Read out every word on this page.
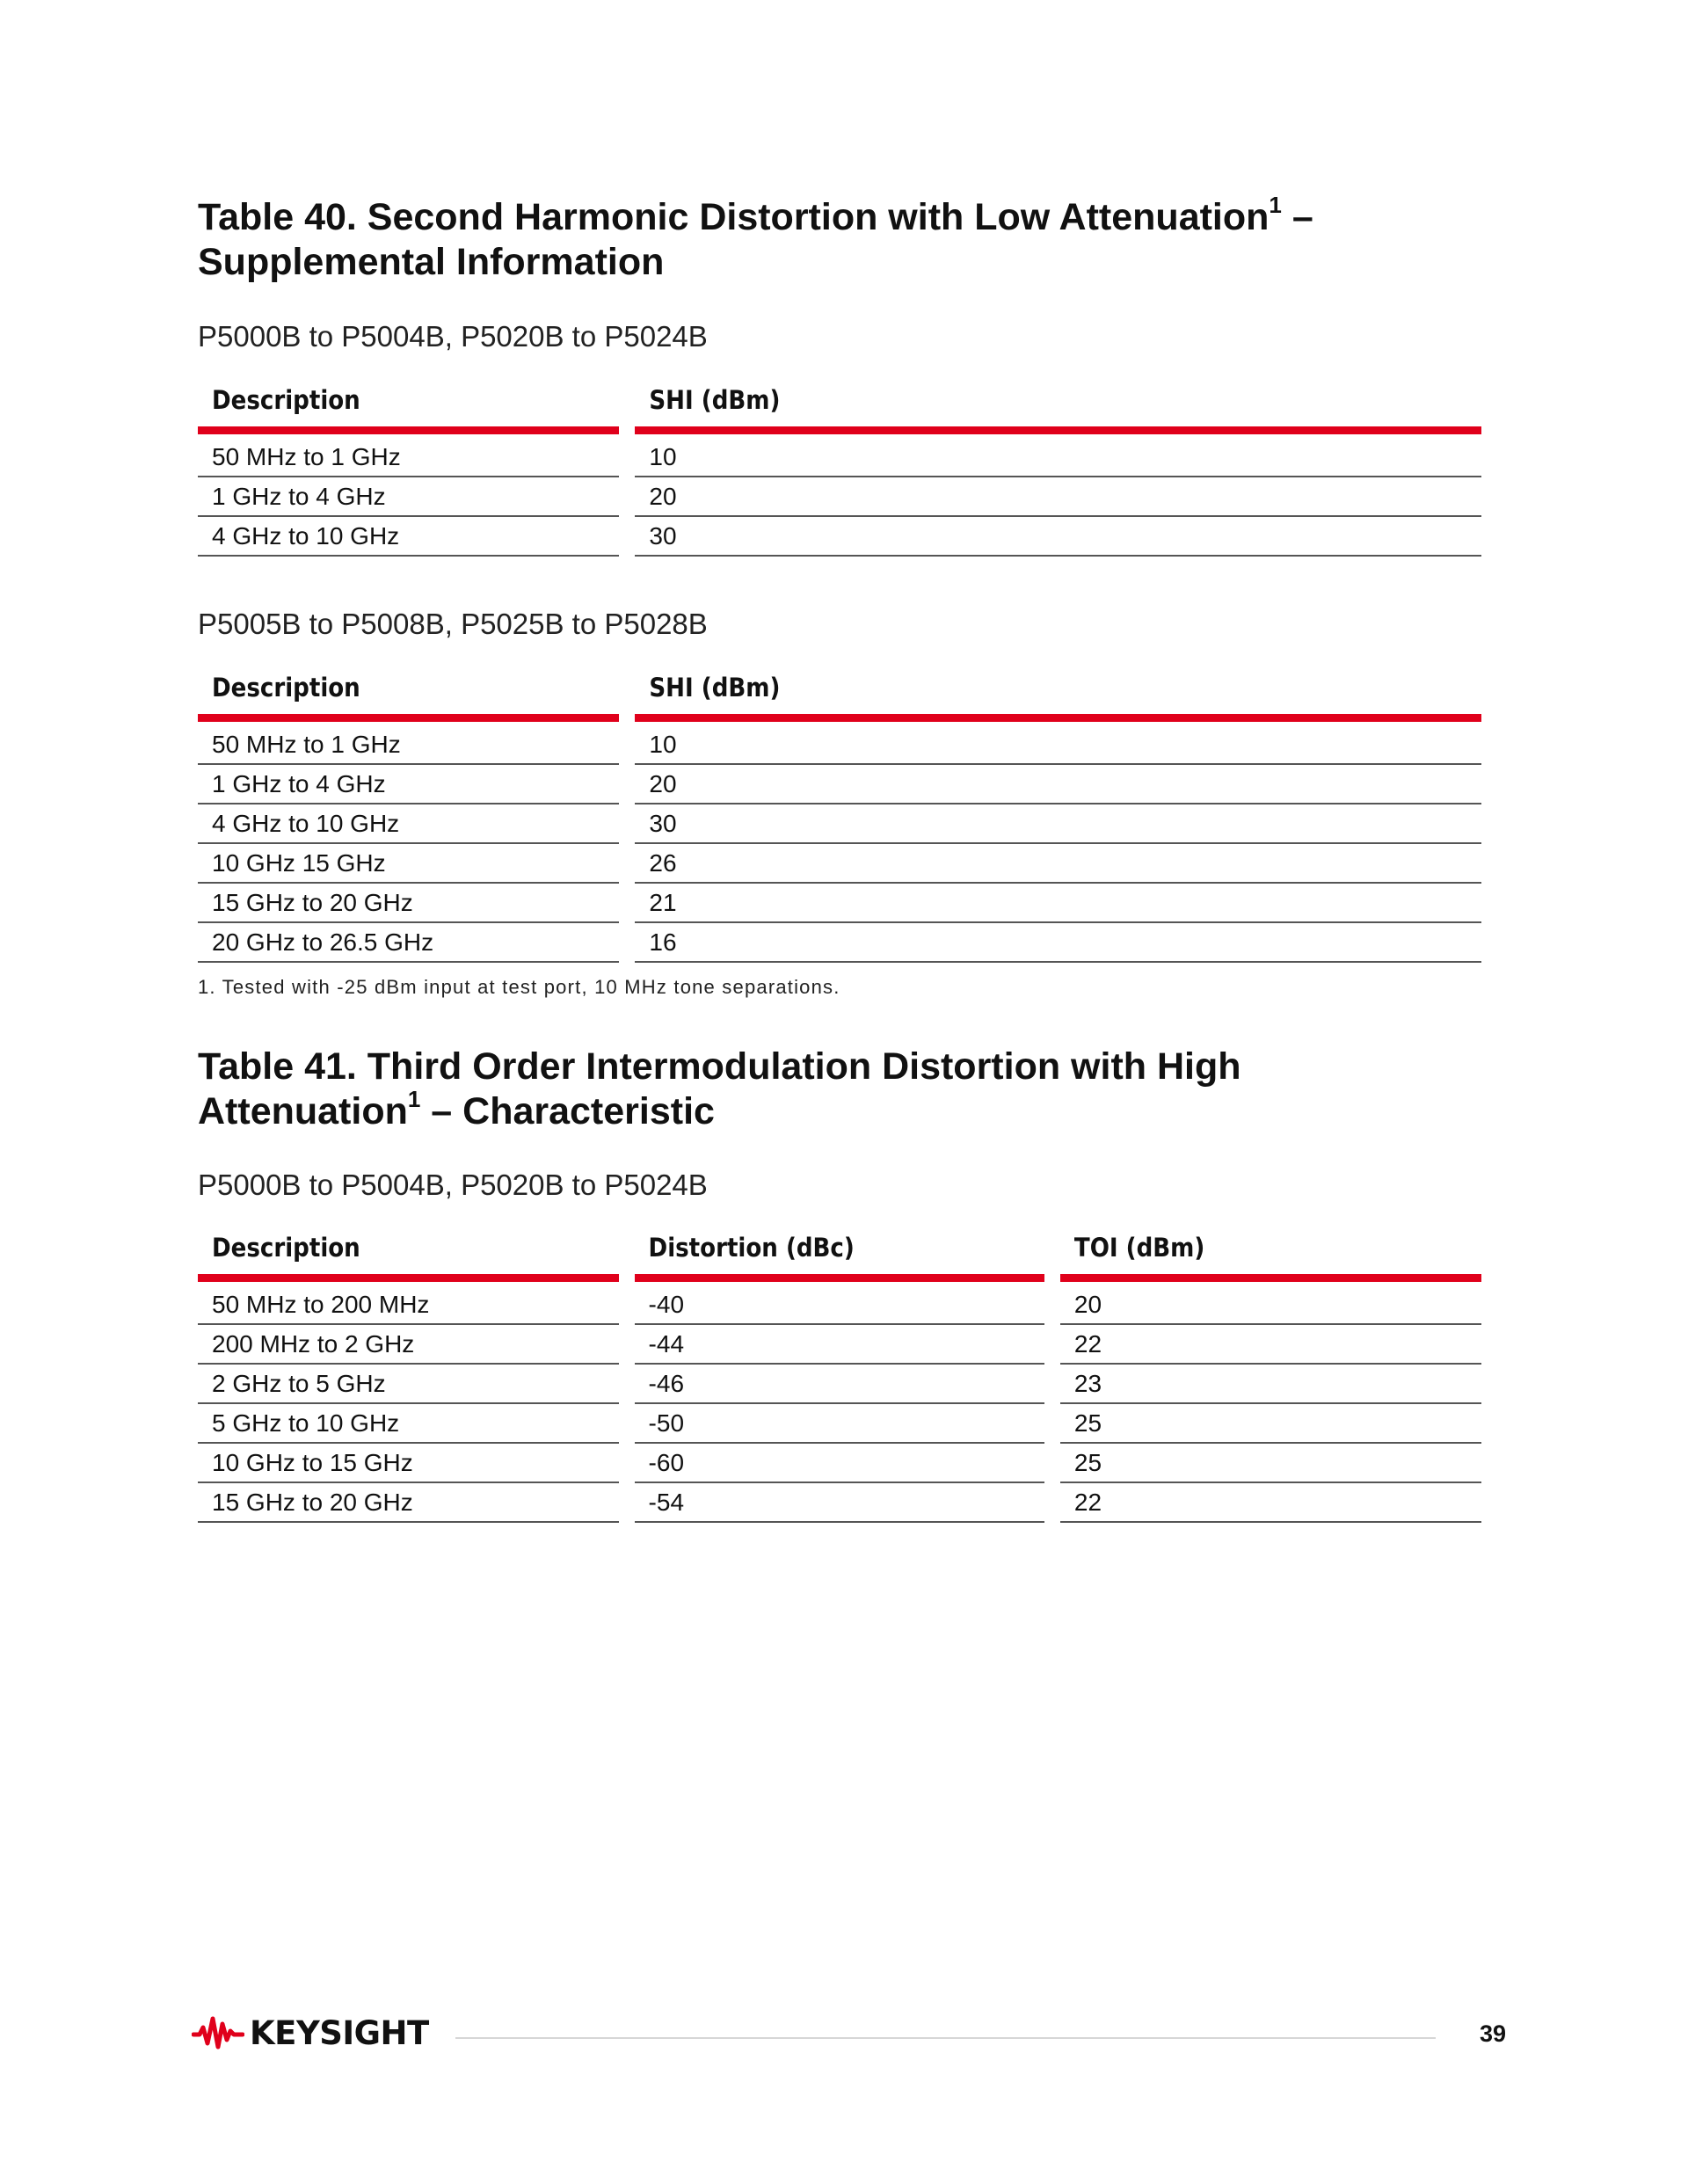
Table 40. Second Harmonic Distortion with Low Attenuation$^1$ –
Supplemental Information

P5000B to P5004B, P5020B to P5024B

Description	SHI (dBm)
50 MHz to 1 GHz	10
1 GHz to 4 GHz	20
4 GHz to 10 GHz	30

P5005B to P5008B, P5025B to P5028B

Description	SHI (dBm)
50 MHz to 1 GHz	10
1 GHz to 4 GHz	20
4 GHz to 10 GHz	30
10 GHz 15 GHz	26
15 GHz to 20 GHz	21
20 GHz to 26.5 GHz	16

1. Tested with -25 dBm input at test port, 10 MHz tone separations.

Table 41. Third Order Intermodulation Distortion with High
Attenuation$^1$ – Characteristic

P5000B to P5004B, P5020B to P5024B

Description	Distortion (dBc)	TOI (dBm)
50 MHz to 200 MHz	-40	20
200 MHz to 2 GHz	-44	22
2 GHz to 5 GHz	-46	23
5 GHz to 10 GHz	-50	25
10 GHz to 15 GHz	-60	25
15 GHz to 20 GHz	-54	22
KEYSIGHT	39
